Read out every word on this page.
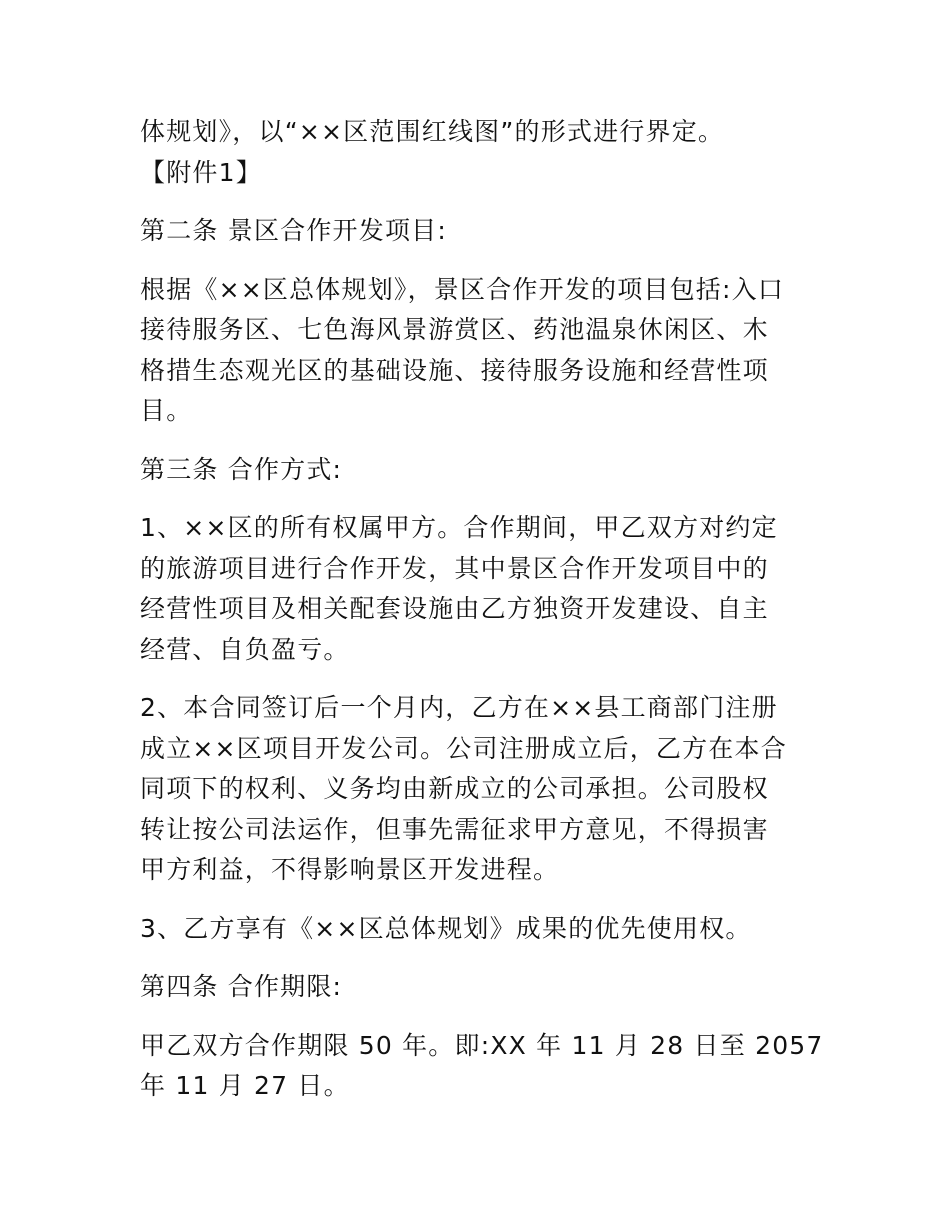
体规划》，以“××区范围红线图”的形式进行界定。
【附件1】

第二条 景区合作开发项目:

根据《××区总体规划》，景区合作开发的项目包括:入口
接待服务区、七色海风景游赏区、药池温泉休闲区、木
格措生态观光区的基础设施、接待服务设施和经营性项
目。

第三条 合作方式:

1、××区的所有权属甲方。合作期间，甲乙双方对约定
的旅游项目进行合作开发，其中景区合作开发项目中的
经营性项目及相关配套设施由乙方独资开发建设、自主
经营、自负盈亏。

2、本合同签订后一个月内，乙方在××县工商部门注册
成立××区项目开发公司。公司注册成立后，乙方在本合
同项下的权利、义务均由新成立的公司承担。公司股权
转让按公司法运作，但事先需征求甲方意见，不得损害
甲方利益，不得影响景区开发进程。

3、乙方享有《××区总体规划》成果的优先使用权。

第四条 合作期限:

甲乙双方合作期限 50 年。即:XX 年 11 月 28 日至 2057
年 11 月 27 日。
